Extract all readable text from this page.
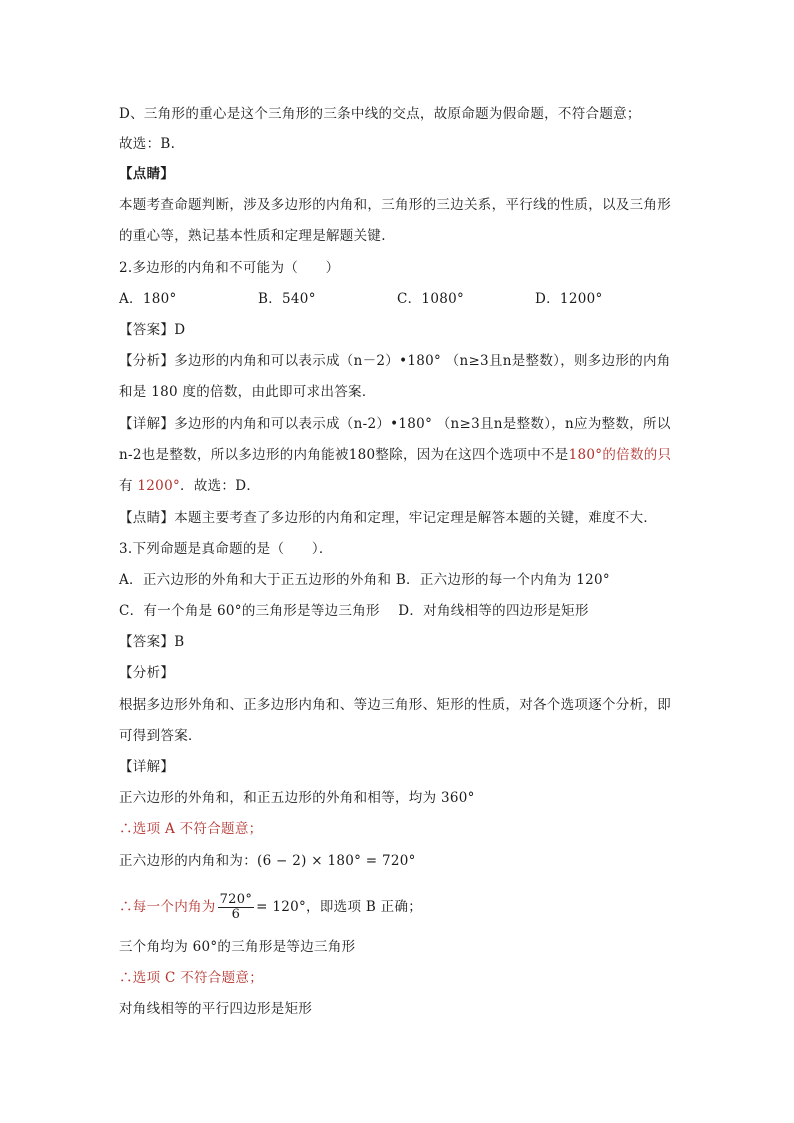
D、三角形的重心是这个三角形的三条中线的交点，故原命题为假命题，不符合题意；
故选：B.
【点睛】
本题考查命题判断，涉及多边形的内角和，三角形的三边关系，平行线的性质，以及三角形
的重心等，熟记基本性质和定理是解题关键.
2.多边形的内角和不可能为（　　）
A．180°	B．540°	C．1080°	D．1200°
【答案】D
【分析】多边形的内角和可以表示成（n－2）•180° （n≥3且n是整数），则多边形的内角
和是 180 度的倍数，由此即可求出答案．
【详解】多边形的内角和可以表示成（n-2）•180° （n≥3且n是整数），n应为整数，所以
n-2也是整数，所以多边形的内角能被180整除，因为在这四个选项中不是180°的倍数的只
有 1200°．故选：D．
【点睛】本题主要考查了多边形的内角和定理，牢记定理是解答本题的关键，难度不大．
3.下列命题是真命题的是（　　）．
A．正六边形的外角和大于正五边形的外角和 B．正六边形的每一个内角为 120°
C．有一个角是 60°的三角形是等边三角形　 D．对角线相等的四边形是矩形
【答案】B
【分析】
根据多边形外角和、正多边形内角和、等边三角形、矩形的性质，对各个选项逐个分析，即
可得到答案．
【详解】
正六边形的外角和，和正五边形的外角和相等，均为 360°
∴选项 A 不符合题意；
正六边形的内角和为：(6 − 2) × 180° = 720°
∴每一个内角为 $\frac{720^\circ}{6} = 120^\circ$，即选项 B 正确；
三个角均为 60°的三角形是等边三角形
∴选项 C 不符合题意；
对角线相等的平行四边形是矩形
